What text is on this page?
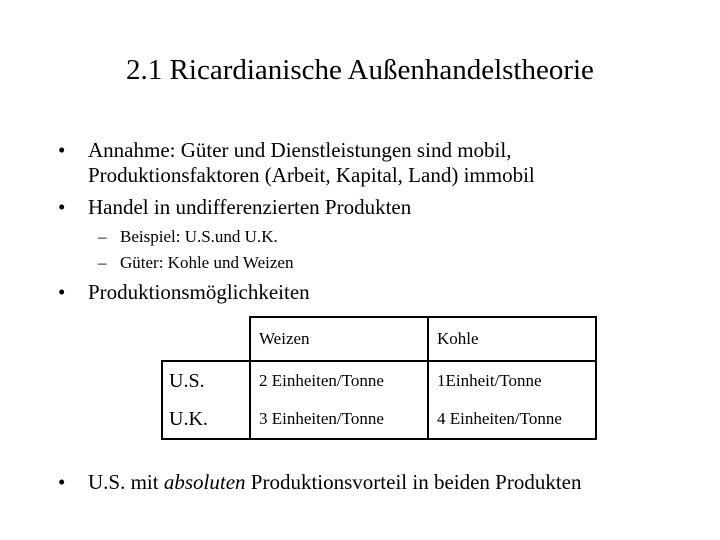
2.1 Ricardianische Außenhandelstheorie
• Annahme: Güter und Dienstleistungen sind mobil, Produktionsfaktoren (Arbeit, Kapital, Land) immobil
• Handel in undifferenzierten Produkten
– Beispiel: U.S.und U.K.
– Güter: Kohle und Weizen
• Produktionsmöglichkeiten
	Weizen	Kohle
U.S.	2 Einheiten/Tonne	1Einheit/Tonne
U.K.	3 Einheiten/Tonne	4 Einheiten/Tonne
• U.S. mit absoluten Produktionsvorteil in beiden Produkten
